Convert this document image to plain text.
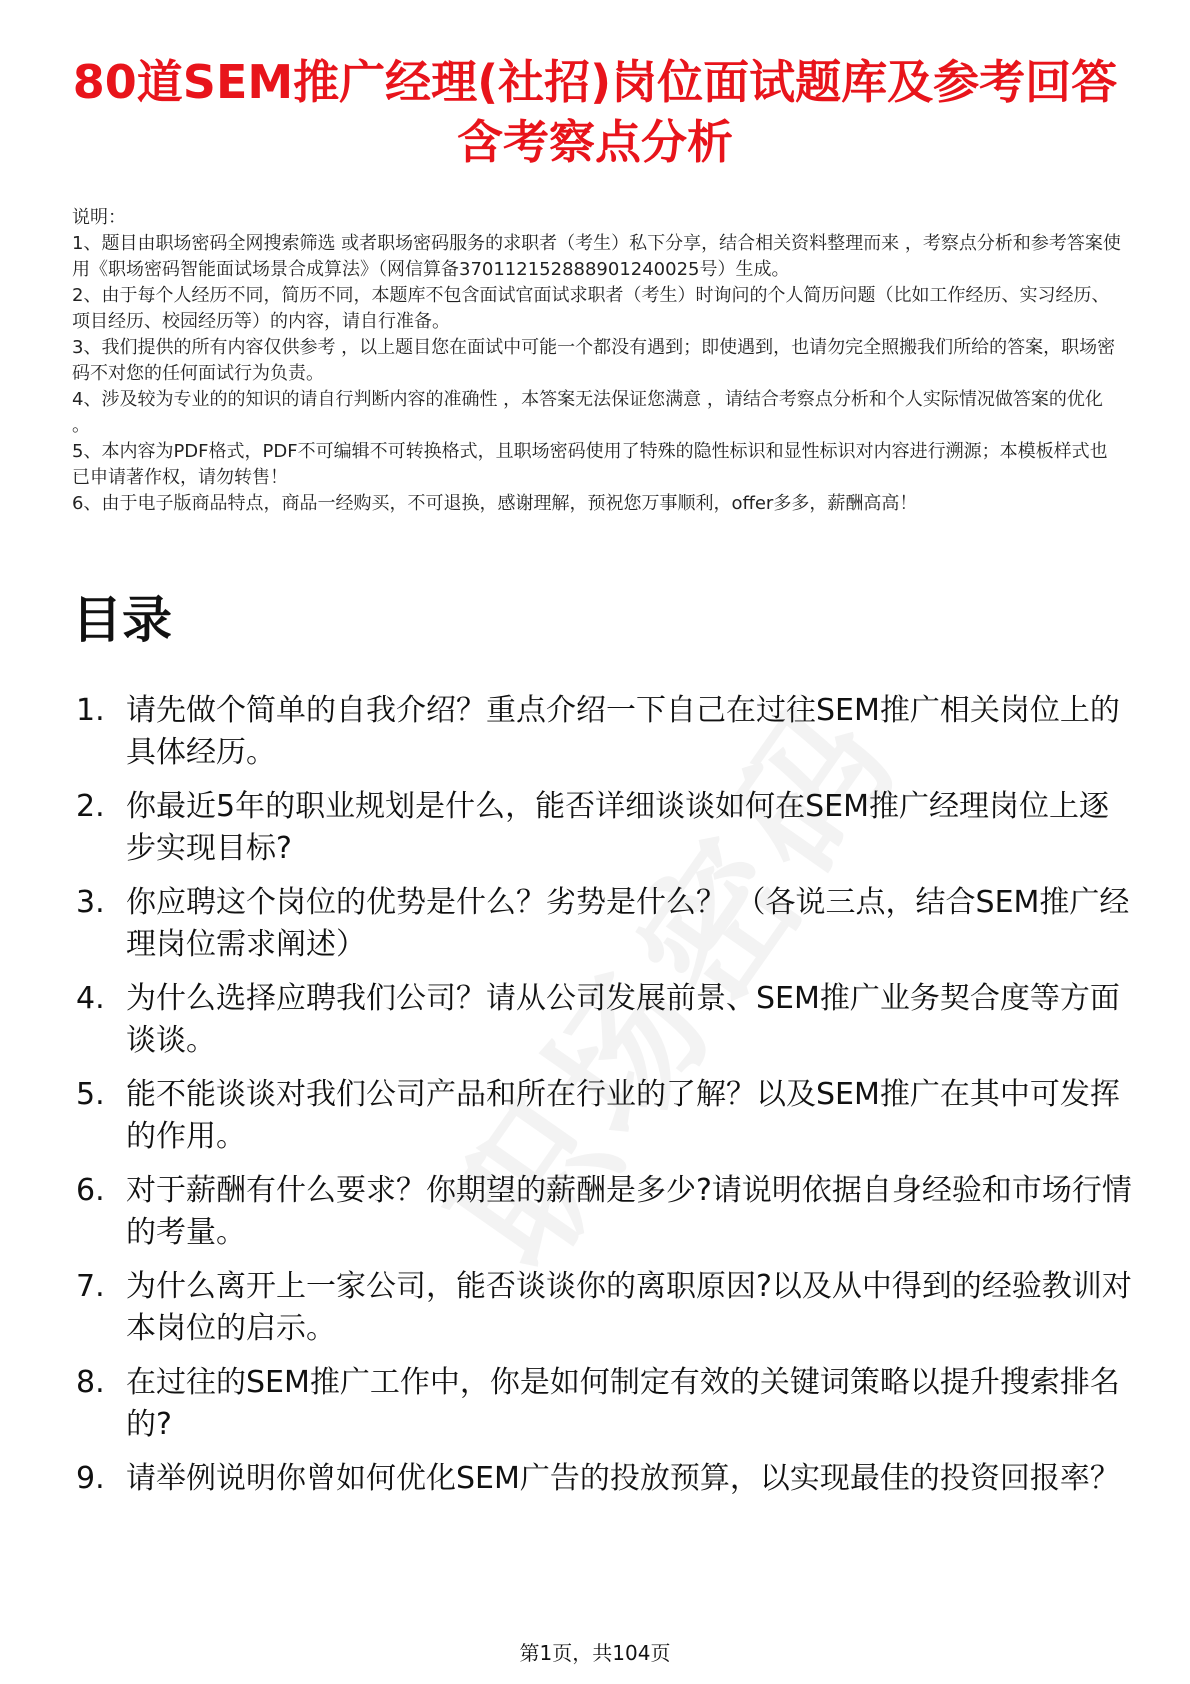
80道SEM推广经理(社招)岗位面试题库及参考回答含考察点分析

说明：

1、题目由职场密码全网搜索筛选 或者职场密码服务的求职者（考生）私下分享，结合相关资料整理而来 ，考察点分析和参考答案使用《职场密码智能面试场景合成算法》（网信算备370112152888901240025号）生成。

2、由于每个人经历不同，简历不同，本题库不包含面试官面试求职者（考生）时询问的个人简历问题（比如工作经历、实习经历、项目经历、校园经历等）的内容，请自行准备。

3、我们提供的所有内容仅供参考 ，以上题目您在面试中可能一个都没有遇到；即使遇到，也请勿完全照搬我们所给的答案，职场密码不对您的任何面试行为负责。

4、涉及较为专业的的知识的请自行判断内容的准确性 ，本答案无法保证您满意 ，请结合考察点分析和个人实际情况做答案的优化 。

5、本内容为PDF格式，PDF不可编辑不可转换格式，且职场密码使用了特殊的隐性标识和显性标识对内容进行溯源；本模板样式也已申请著作权，请勿转售！

6、由于电子版商品特点，商品一经购买，不可退换，感谢理解，预祝您万事顺利，offer多多，薪酬高高！

目录
1. 请先做个简单的自我介绍？重点介绍一下自己在过往SEM推广相关岗位上的具体经历。
2. 你最近5年的职业规划是什么，能否详细谈谈如何在SEM推广经理岗位上逐步实现目标?
3. 你应聘这个岗位的优势是什么？劣势是什么？ （各说三点，结合SEM推广经理岗位需求阐述）
4. 为什么选择应聘我们公司？请从公司发展前景、SEM推广业务契合度等方面谈谈。
5. 能不能谈谈对我们公司产品和所在行业的了解？以及SEM推广在其中可发挥的作用。
6. 对于薪酬有什么要求？你期望的薪酬是多少?请说明依据自身经验和市场行情的考量。
7. 为什么离开上一家公司，能否谈谈你的离职原因?以及从中得到的经验教训对本岗位的启示。
8. 在过往的SEM推广工作中，你是如何制定有效的关键词策略以提升搜索排名的?
9. 请举例说明你曾如何优化SEM广告的投放预算，以实现最佳的投资回报率？
第1页，共104页
